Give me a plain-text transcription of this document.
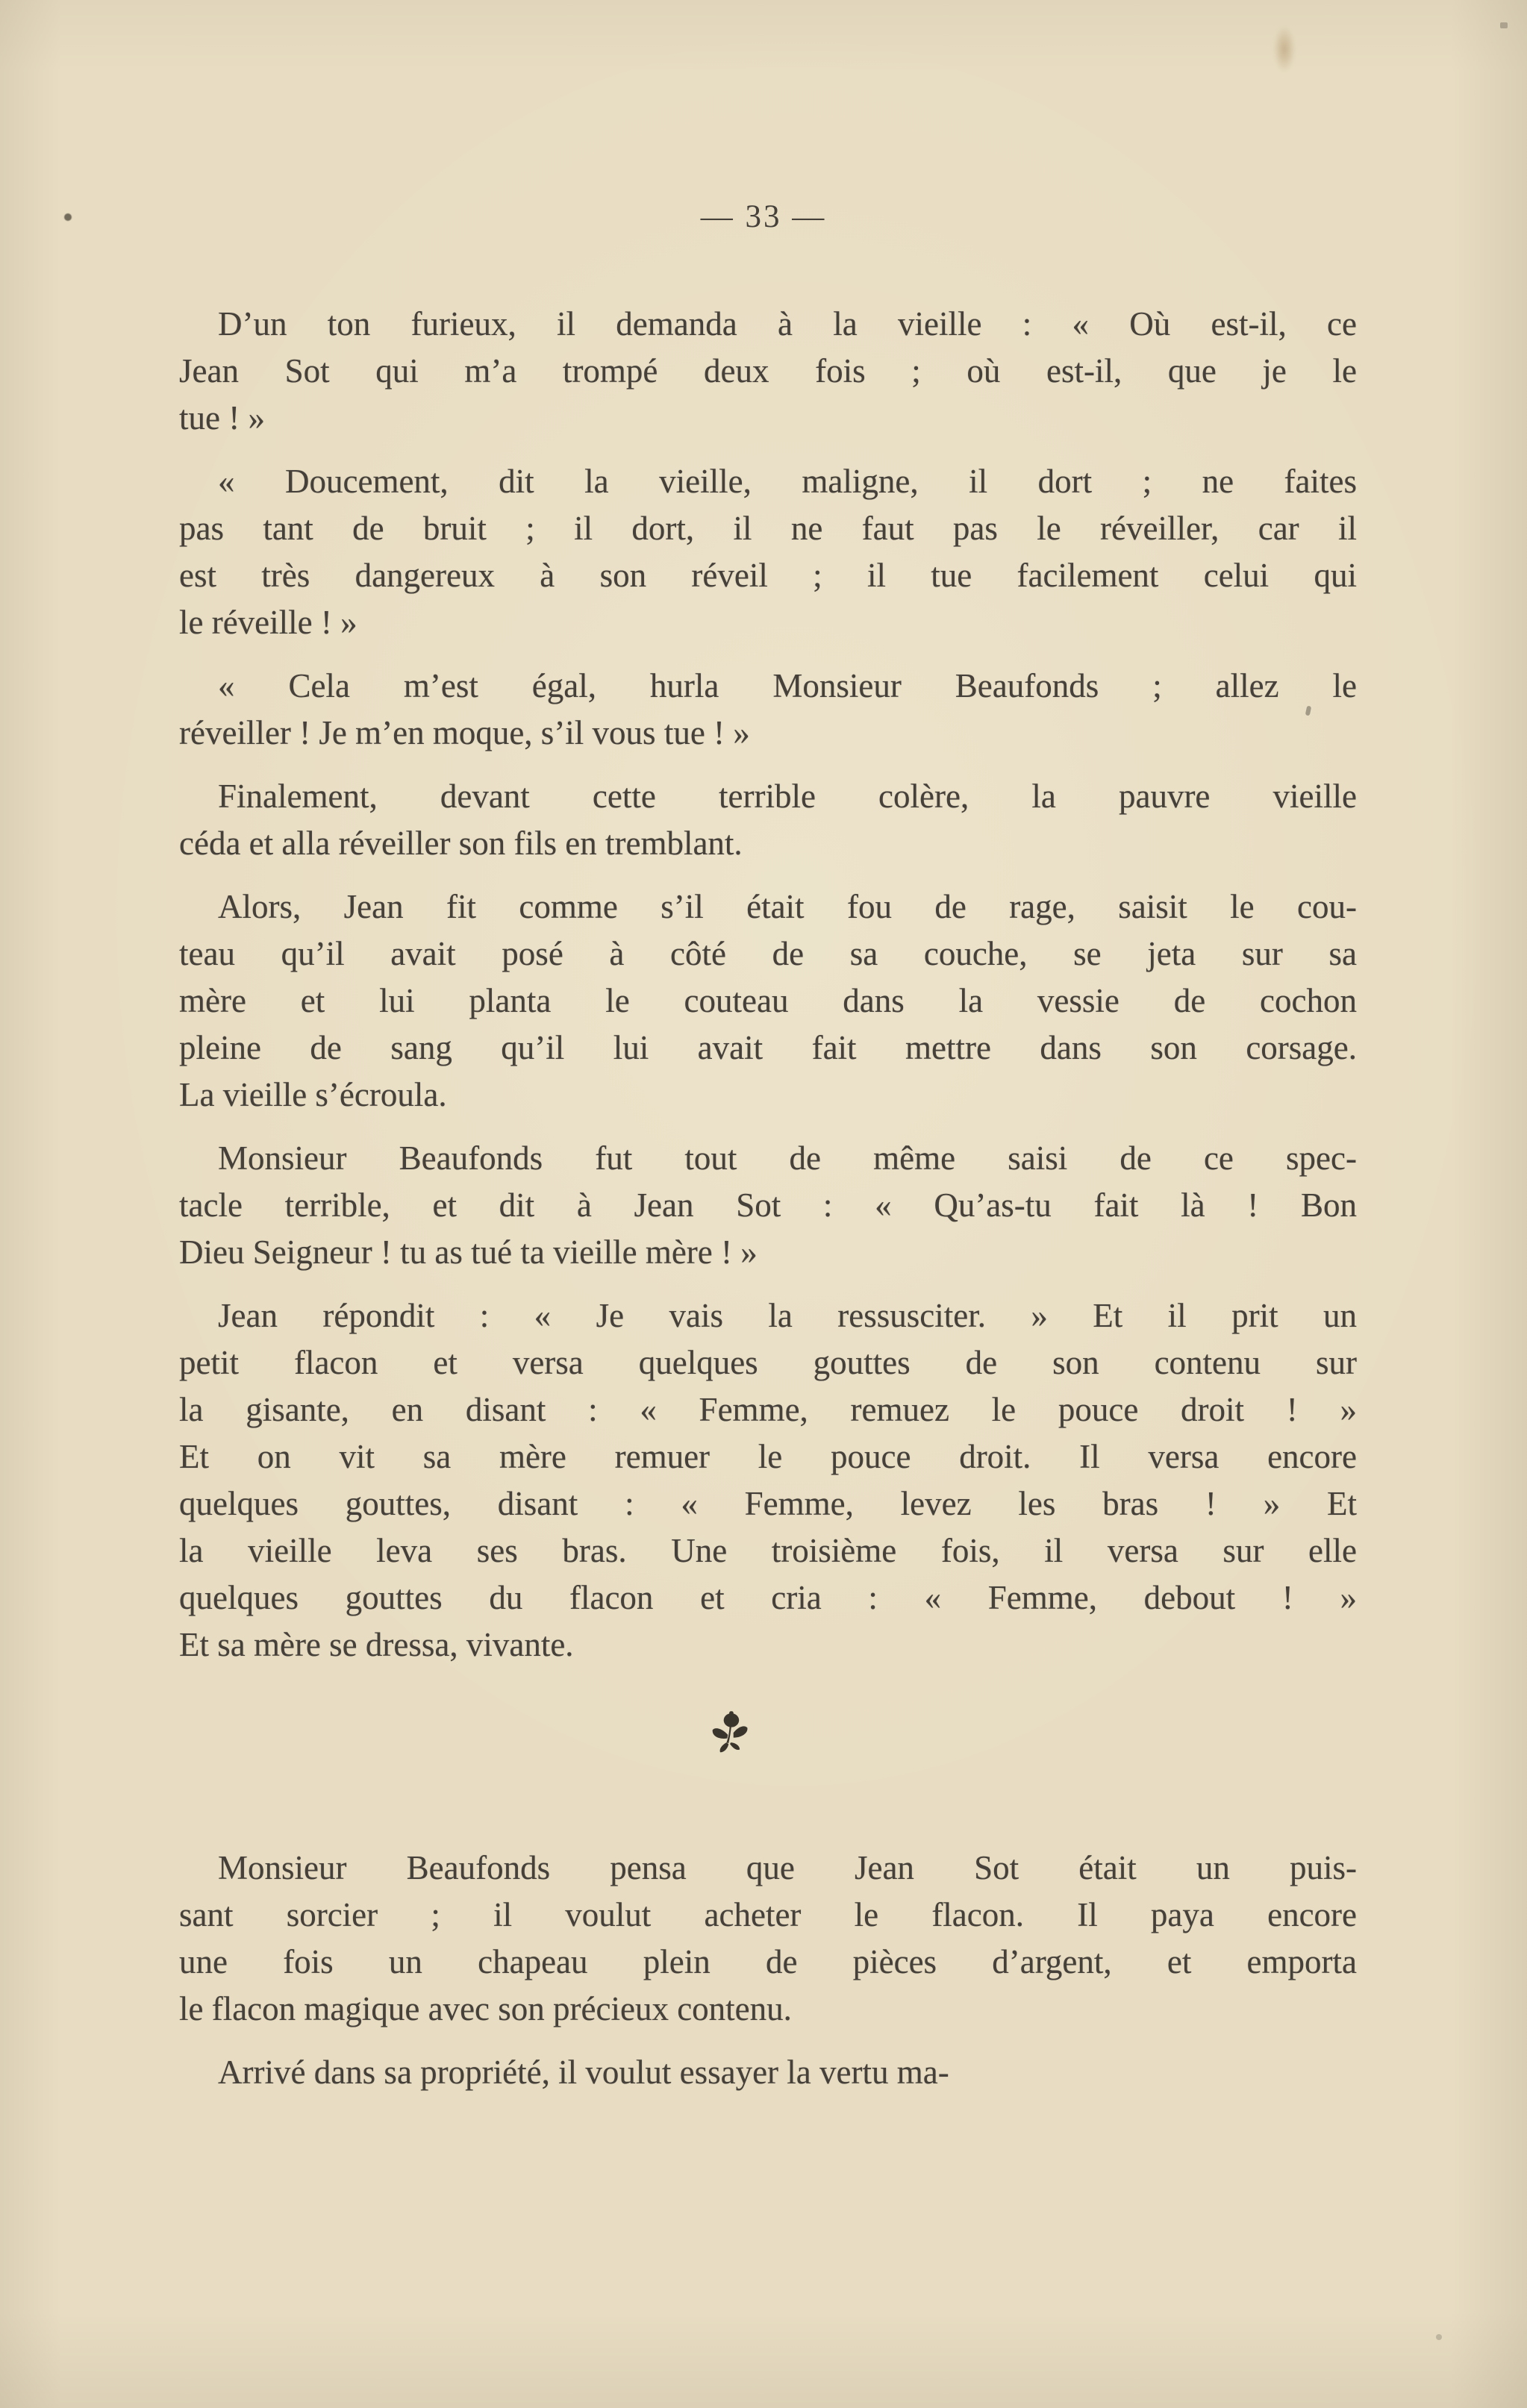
— 33 —

D’un ton furieux, il demanda à la vieille : « Où est-il, ce
Jean Sot qui m’a trompé deux fois ; où est-il, que je le
tue ! »

« Doucement, dit la vieille, maligne, il dort ; ne faites
pas tant de bruit ; il dort, il ne faut pas le réveiller, car il
est très dangereux à son réveil ; il tue facilement celui qui
le réveille ! »

« Cela m’est égal, hurla Monsieur Beaufonds ; allez le
réveiller ! Je m’en moque, s’il vous tue ! »

Finalement, devant cette terrible colère, la pauvre vieille
céda et alla réveiller son fils en tremblant.

Alors, Jean fit comme s’il était fou de rage, saisit le cou-
teau qu’il avait posé à côté de sa couche, se jeta sur sa
mère et lui planta le couteau dans la vessie de cochon
pleine de sang qu’il lui avait fait mettre dans son corsage.
La vieille s’écroula.

Monsieur Beaufonds fut tout de même saisi de ce spec-
tacle terrible, et dit à Jean Sot : « Qu’as-tu fait là ! Bon
Dieu Seigneur ! tu as tué ta vieille mère ! »

Jean répondit : « Je vais la ressusciter. » Et il prit un
petit flacon et versa quelques gouttes de son contenu sur
la gisante, en disant : « Femme, remuez le pouce droit ! »
Et on vit sa mère remuer le pouce droit. Il versa encore
quelques gouttes, disant : « Femme, levez les bras ! » Et
la vieille leva ses bras. Une troisième fois, il versa sur elle
quelques gouttes du flacon et cria : « Femme, debout ! »
Et sa mère se dressa, vivante.

Monsieur Beaufonds pensa que Jean Sot était un puis-
sant sorcier ; il voulut acheter le flacon. Il paya encore
une fois un chapeau plein de pièces d’argent, et emporta
le flacon magique avec son précieux contenu.

Arrivé dans sa propriété, il voulut essayer la vertu ma-
